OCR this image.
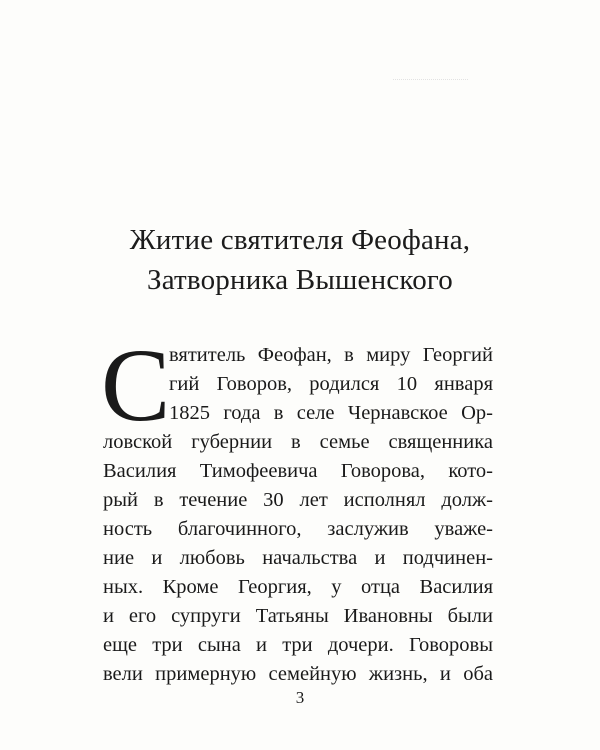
Житие святителя Феофана,
Затворника Вышенского
С
вятитель Феофан, в миру Георгий
гий Говоров, родился 10 января
1825 года в селе Чернавское Ор-
ловской губернии в семье священника
Василия Тимофеевича Говорова, кото-
рый в течение 30 лет исполнял долж-
ность благочинного, заслужив уваже-
ние и любовь начальства и подчинен-
ных. Кроме Георгия, у отца Василия
и его супруги Татьяны Ивановны были
еще три сына и три дочери. Говоровы
вели примерную семейную жизнь, и оба
3
